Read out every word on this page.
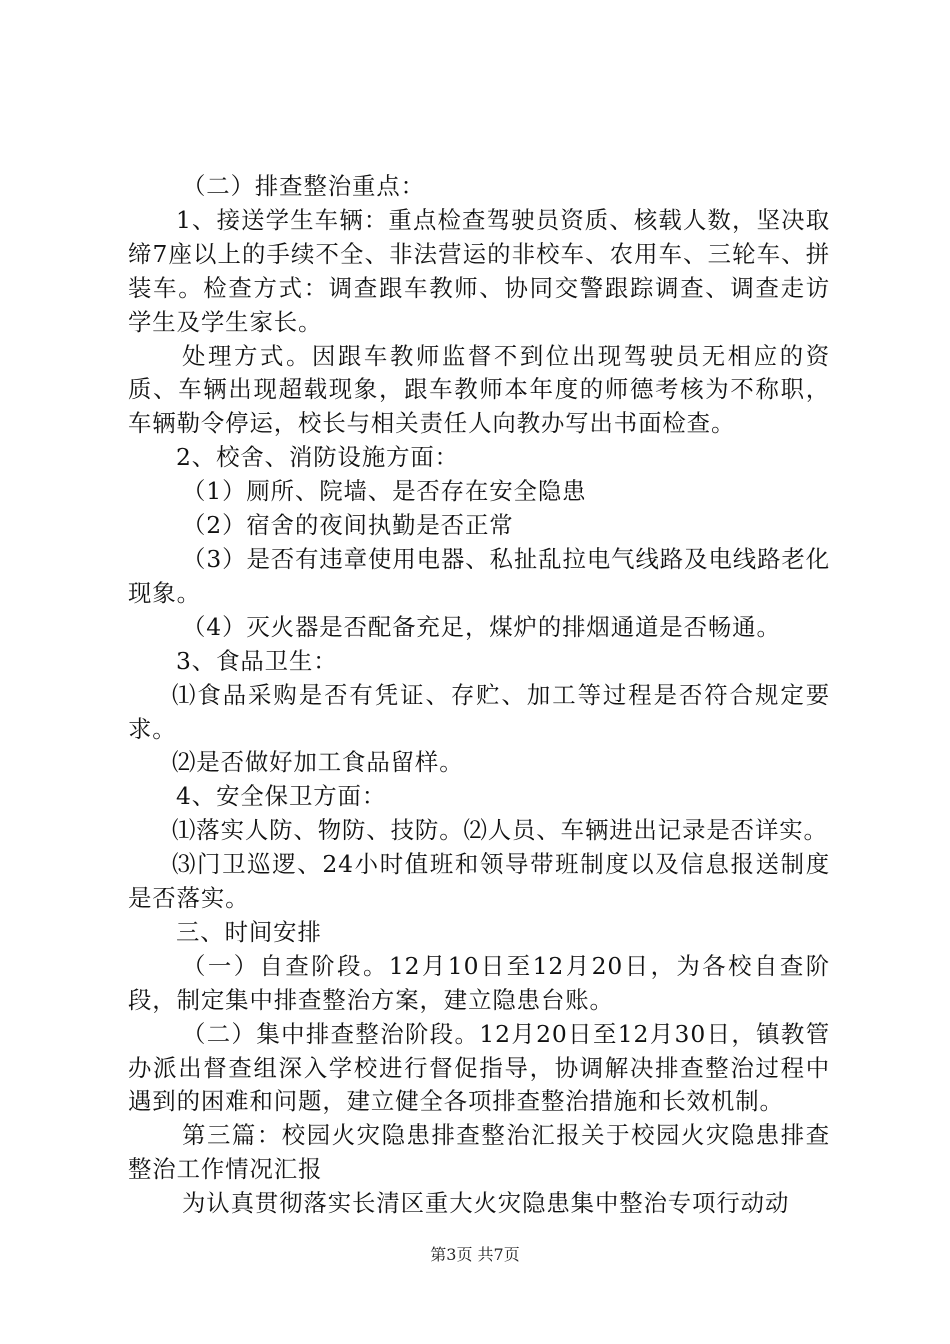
（二）排查整治重点：

1、接送学生车辆：重点检查驾驶员资质、核载人数，坚决取缔7座以上的手续不全、非法营运的非校车、农用车、三轮车、拼装车。检查方式：调查跟车教师、协同交警跟踪调查、调查走访学生及学生家长。

处理方式。因跟车教师监督不到位出现驾驶员无相应的资质、车辆出现超载现象，跟车教师本年度的师德考核为不称职，车辆勒令停运，校长与相关责任人向教办写出书面检查。

2、校舍、消防设施方面：

（1）厕所、院墙、是否存在安全隐患

（2）宿舍的夜间执勤是否正常

（3）是否有违章使用电器、私扯乱拉电气线路及电线路老化现象。

（4）灭火器是否配备充足，煤炉的排烟通道是否畅通。

3、食品卫生：

⑴食品采购是否有凭证、存贮、加工等过程是否符合规定要求。

⑵是否做好加工食品留样。

4、安全保卫方面：

⑴落实人防、物防、技防。⑵人员、车辆进出记录是否详实。

⑶门卫巡逻、24小时值班和领导带班制度以及信息报送制度是否落实。

三、时间安排

（一）自查阶段。12月10日至12月20日，为各校自查阶段，制定集中排查整治方案，建立隐患台账。

（二）集中排查整治阶段。12月20日至12月30日，镇教管办派出督查组深入学校进行督促指导，协调解决排查整治过程中遇到的困难和问题，建立健全各项排查整治措施和长效机制。

第三篇：校园火灾隐患排查整治汇报关于校园火灾隐患排查整治工作情况汇报

为认真贯彻落实长清区重大火灾隐患集中整治专项行动动

第3页 共7页
